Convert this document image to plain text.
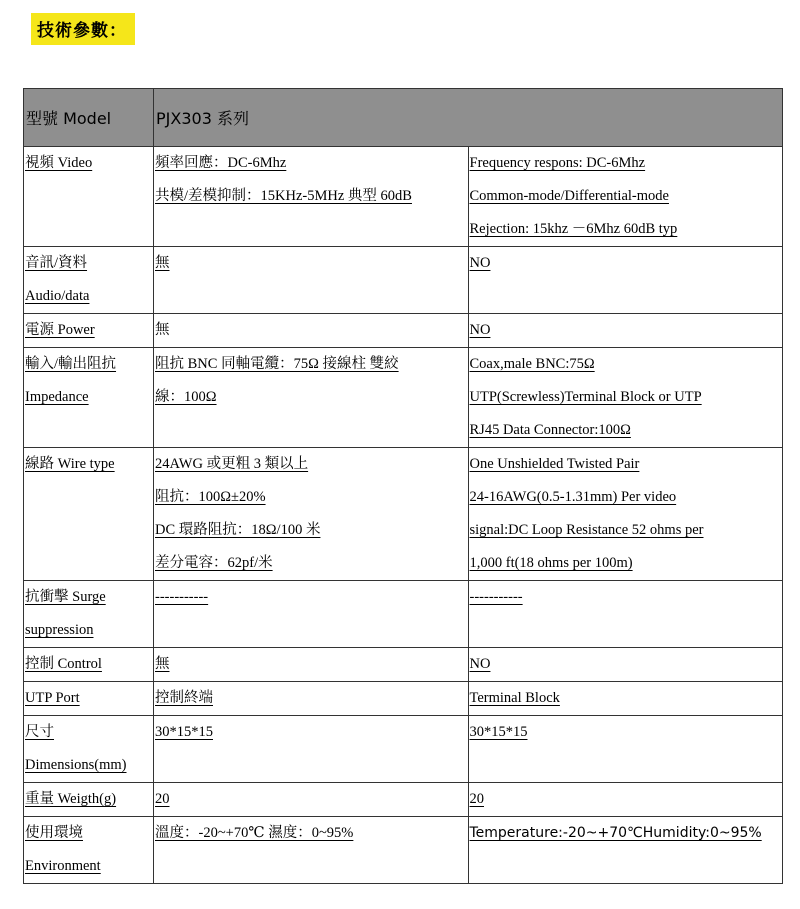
技術參數：
型號 Model	PJX303 系列	

視頻 Video	頻率回應：DC-6Mhz
共模/差模抑制：15KHz-5MHz 典型 60dB	Frequency respons: DC-6Mhz
Common-mode/Differential-mode
Rejection: 15khz －6Mhz 60dB typ

音訊/資料
Audio/data	無	NO

電源 Power	無	NO

輸入/輸出阻抗
Impedance	阻抗 BNC 同軸電纜：75Ω 接線柱 雙絞
線：100Ω	Coax,male BNC:75Ω
UTP(Screwless)Terminal Block or UTP
RJ45 Data Connector:100Ω

線路 Wire type	24AWG 或更粗 3 類以上
阻抗：100Ω±20%
DC 環路阻抗：18Ω/100 米
差分電容：62pf/米	One Unshielded Twisted Pair
24-16AWG(0.5-1.31mm) Per video
signal:DC Loop Resistance 52 ohms per
1,000 ft(18 ohms per 100m)

抗衝擊 Surge
suppression	-----------	-----------

控制 Control	無	NO

UTP Port	控制終端	Terminal Block

尺寸
Dimensions(mm)	30*15*15	30*15*15

重量 Weigth(g)	20	20

使用環境
Environment	溫度：-20~+70℃ 濕度：0~95%	Temperature:-20~+70℃Humidity:0~95%
